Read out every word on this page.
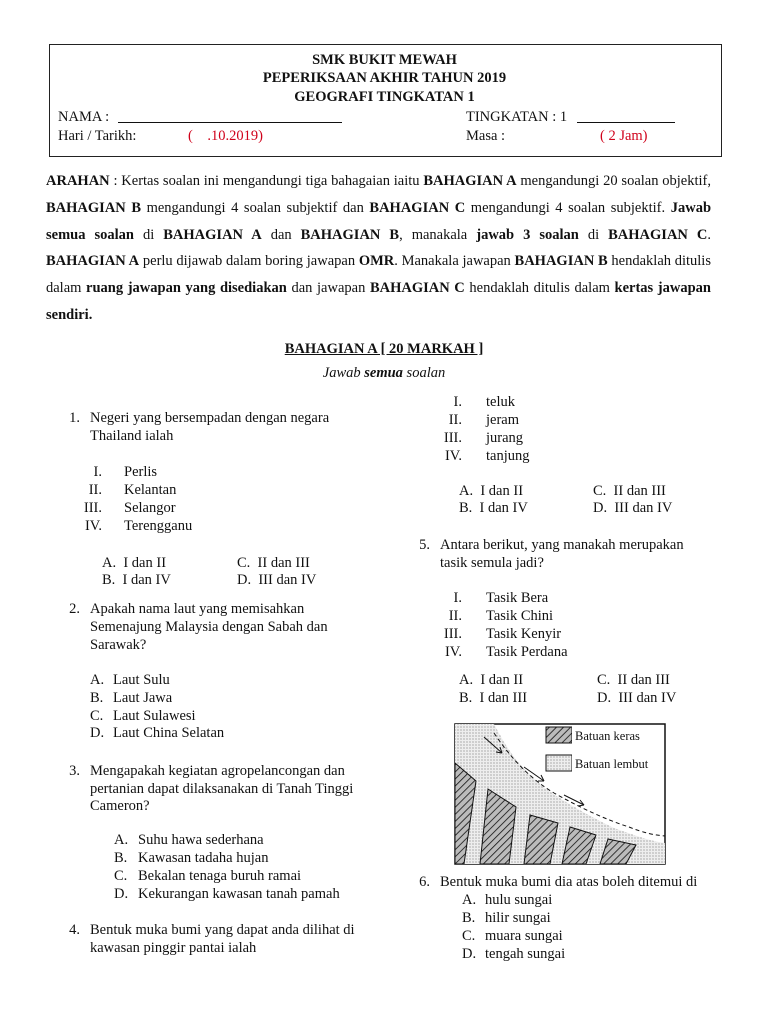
SMK BUKIT MEWAH
PEPERIKSAAN AKHIR TAHUN 2019
GEOGRAFI TINGKATAN 1
NAMA :	TINGKATAN : 1
Hari / Tarikh:	(    .10.2019)	Masa :	( 2 Jam)
ARAHAN : Kertas soalan ini mengandungi tiga bahagaian iaitu BAHAGIAN A mengandungi 20 soalan objektif, BAHAGIAN B mengandungi 4 soalan subjektif dan BAHAGIAN C mengandungi 4 soalan subjektif. Jawab semua soalan di BAHAGIAN A dan BAHAGIAN B, manakala jawab 3 soalan di BAHAGIAN C. BAHAGIAN A perlu dijawab dalam boring jawapan OMR. Manakala jawapan BAHAGIAN B hendaklah ditulis dalam ruang jawapan yang disediakan dan jawapan BAHAGIAN C hendaklah ditulis dalam kertas jawapan sendiri.
BAHAGIAN A [ 20 MARKAH ]
Jawab semua soalan
1. Negeri yang bersempadan dengan negara
Thailand ialah
I. Perlis
II. Kelantan
III. Selangor
IV. Terengganu
A.  I dan II	C.  II dan III
B.  I dan IV	D.  III dan IV
2. Apakah nama laut yang memisahkan
Semenajung Malaysia dengan Sabah dan
Sarawak?
A. Laut Sulu
B. Laut Jawa
C. Laut Sulawesi
D. Laut China Selatan
3. Mengapakah kegiatan agropelancongan dan
pertanian dapat dilaksanakan di Tanah Tinggi
Cameron?
A. Suhu hawa sederhana
B. Kawasan tadaha hujan
C. Bekalan tenaga buruh ramai
D. Kekurangan kawasan tanah pamah
4. Bentuk muka bumi yang dapat anda dilihat di
kawasan pinggir pantai ialah
I. teluk
II. jeram
III. jurang
IV. tanjung
A.  I dan II	C.  II dan III
B.  I dan IV	D.  III dan IV
5. Antara berikut, yang manakah merupakan
tasik semula jadi?
I. Tasik Bera
II. Tasik Chini
III. Tasik Kenyir
IV. Tasik Perdana
A.  I dan II	C.  II dan III
B.  I dan III	D.  III dan IV
Batuan keras
Batuan lembut
6. Bentuk muka bumi dia atas boleh ditemui di
A. hulu sungai
B. hilir sungai
C. muara sungai
D. tengah sungai
